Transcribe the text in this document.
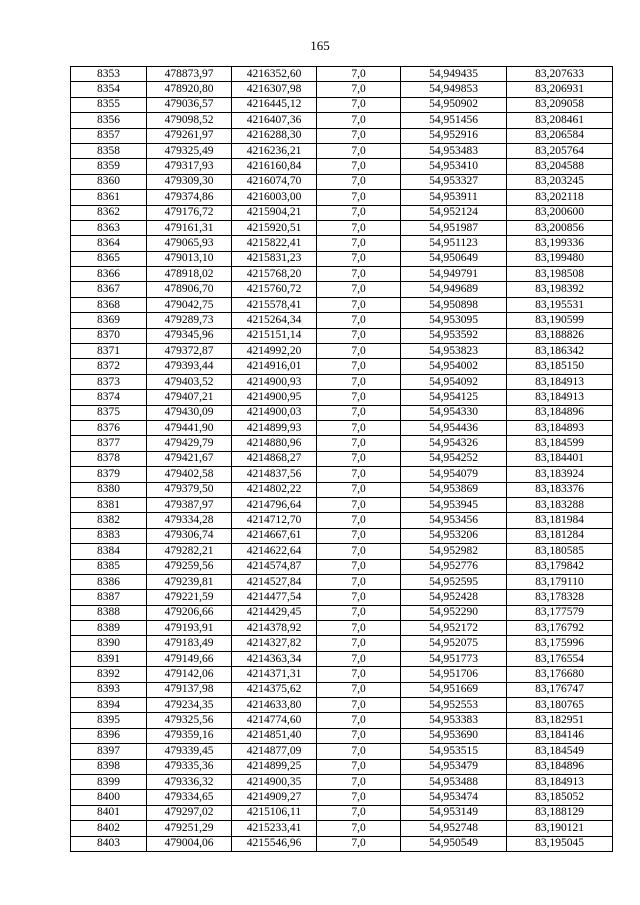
165
8353	478873,97	4216352,60	7,0	54,949435	83,207633
8354	478920,80	4216307,98	7,0	54,949853	83,206931
8355	479036,57	4216445,12	7,0	54,950902	83,209058
8356	479098,52	4216407,36	7,0	54,951456	83,208461
8357	479261,97	4216288,30	7,0	54,952916	83,206584
8358	479325,49	4216236,21	7,0	54,953483	83,205764
8359	479317,93	4216160,84	7,0	54,953410	83,204588
8360	479309,30	4216074,70	7,0	54,953327	83,203245
8361	479374,86	4216003,00	7,0	54,953911	83,202118
8362	479176,72	4215904,21	7,0	54,952124	83,200600
8363	479161,31	4215920,51	7,0	54,951987	83,200856
8364	479065,93	4215822,41	7,0	54,951123	83,199336
8365	479013,10	4215831,23	7,0	54,950649	83,199480
8366	478918,02	4215768,20	7,0	54,949791	83,198508
8367	478906,70	4215760,72	7,0	54,949689	83,198392
8368	479042,75	4215578,41	7,0	54,950898	83,195531
8369	479289,73	4215264,34	7,0	54,953095	83,190599
8370	479345,96	4215151,14	7,0	54,953592	83,188826
8371	479372,87	4214992,20	7,0	54,953823	83,186342
8372	479393,44	4214916,01	7,0	54,954002	83,185150
8373	479403,52	4214900,93	7,0	54,954092	83,184913
8374	479407,21	4214900,95	7,0	54,954125	83,184913
8375	479430,09	4214900,03	7,0	54,954330	83,184896
8376	479441,90	4214899,93	7,0	54,954436	83,184893
8377	479429,79	4214880,96	7,0	54,954326	83,184599
8378	479421,67	4214868,27	7,0	54,954252	83,184401
8379	479402,58	4214837,56	7,0	54,954079	83,183924
8380	479379,50	4214802,22	7,0	54,953869	83,183376
8381	479387,97	4214796,64	7,0	54,953945	83,183288
8382	479334,28	4214712,70	7,0	54,953456	83,181984
8383	479306,74	4214667,61	7,0	54,953206	83,181284
8384	479282,21	4214622,64	7,0	54,952982	83,180585
8385	479259,56	4214574,87	7,0	54,952776	83,179842
8386	479239,81	4214527,84	7,0	54,952595	83,179110
8387	479221,59	4214477,54	7,0	54,952428	83,178328
8388	479206,66	4214429,45	7,0	54,952290	83,177579
8389	479193,91	4214378,92	7,0	54,952172	83,176792
8390	479183,49	4214327,82	7,0	54,952075	83,175996
8391	479149,66	4214363,34	7,0	54,951773	83,176554
8392	479142,06	4214371,31	7,0	54,951706	83,176680
8393	479137,98	4214375,62	7,0	54,951669	83,176747
8394	479234,35	4214633,80	7,0	54,952553	83,180765
8395	479325,56	4214774,60	7,0	54,953383	83,182951
8396	479359,16	4214851,40	7,0	54,953690	83,184146
8397	479339,45	4214877,09	7,0	54,953515	83,184549
8398	479335,36	4214899,25	7,0	54,953479	83,184896
8399	479336,32	4214900,35	7,0	54,953488	83,184913
8400	479334,65	4214909,27	7,0	54,953474	83,185052
8401	479297,02	4215106,11	7,0	54,953149	83,188129
8402	479251,29	4215233,41	7,0	54,952748	83,190121
8403	479004,06	4215546,96	7,0	54,950549	83,195045
